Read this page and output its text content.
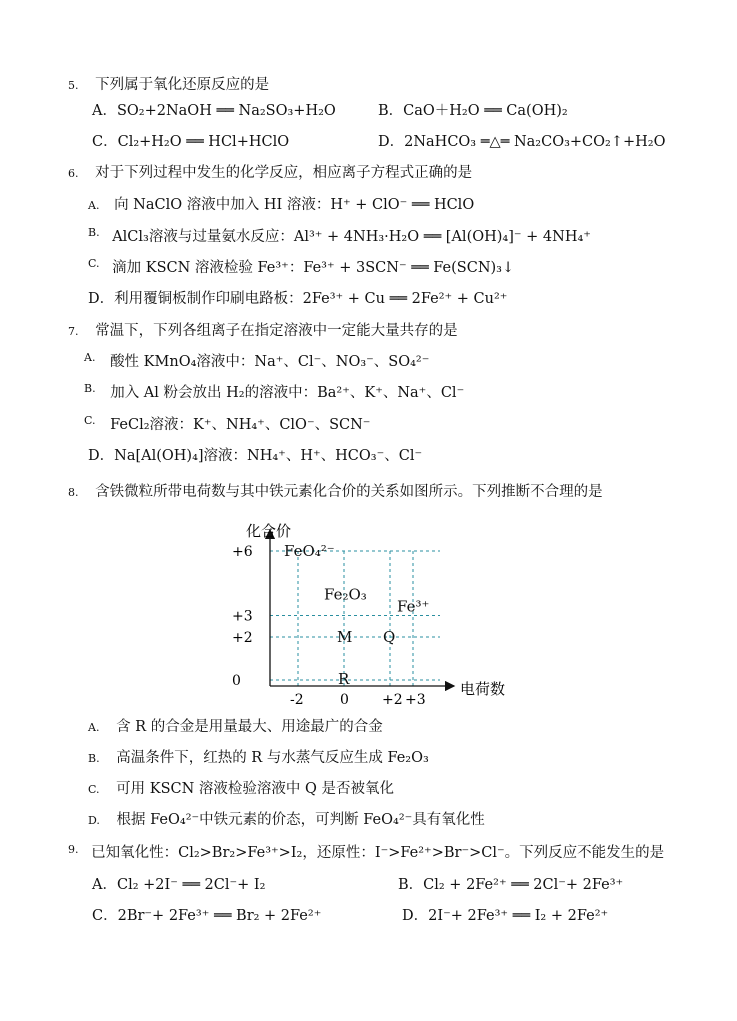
5. 下列属于氧化还原反应的是
A．SO₂+2NaOH ══ Na₂SO₃+H₂O	B．CaO＋H₂O ══ Ca(OH)₂
C．Cl₂+H₂O ══ HCl+HClO	D．2NaHCO₃ ═△═ Na₂CO₃+CO₂↑+H₂O
6. 对于下列过程中发生的化学反应，相应离子方程式正确的是
A. 向 NaClO 溶液中加入 HI 溶液：H⁺ + ClO⁻ ══ HClO
$^{B.}$ AlCl₃溶液与过量氨水反应：Al³⁺ + 4NH₃·H₂O ══ [Al(OH)₄]⁻ + 4NH₄⁺
$^{C.}$ 滴加 KSCN 溶液检验 Fe³⁺：Fe³⁺ + 3SCN⁻ ══ Fe(SCN)₃↓
D．利用覆铜板制作印刷电路板：2Fe³⁺ + Cu ══ 2Fe²⁺ + Cu²⁺
7. 常温下，下列各组离子在指定溶液中一定能大量共存的是
$^{A.}$ 酸性 KMnO₄溶液中：Na⁺、Cl⁻、NO₃⁻、SO₄²⁻
$^{B.}$ 加入 Al 粉会放出 H₂的溶液中：Ba²⁺、K⁺、Na⁺、Cl⁻
$^{C.}$ FeCl₂溶液：K⁺、NH₄⁺、ClO⁻、SCN⁻
D．Na[Al(OH)₄]溶液：NH₄⁺、H⁺、HCO₃⁻、Cl⁻
8. 含铁微粒所带电荷数与其中铁元素化合价的关系如图所示。下列推断不合理的是
化合价
电荷数
+6
+3
+2
0
-2	0 +2 +3
FeO₄²⁻
Fe₂O₃
M Q
Fe³⁺
R
A. 含 R 的合金是用量最大、用途最广的合金
B. 高温条件下，红热的 R 与水蒸气反应生成 Fe₂O₃
C. 可用 KSCN 溶液检验溶液中 Q 是否被氧化
D. 根据 FeO₄²⁻中铁元素的价态，可判断 FeO₄²⁻具有氧化性
$^{9.}$ 已知氧化性：Cl₂>Br₂>Fe³⁺>I₂，还原性：I⁻>Fe²⁺>Br⁻>Cl⁻。下列反应不能发生的是
A．Cl₂ +2I⁻ ══ 2Cl⁻+ I₂	B．Cl₂ + 2Fe²⁺ ══ 2Cl⁻+ 2Fe³⁺
C．2Br⁻+ 2Fe³⁺ ══ Br₂ + 2Fe²⁺	D．2I⁻+ 2Fe³⁺ ══ I₂ + 2Fe²⁺
